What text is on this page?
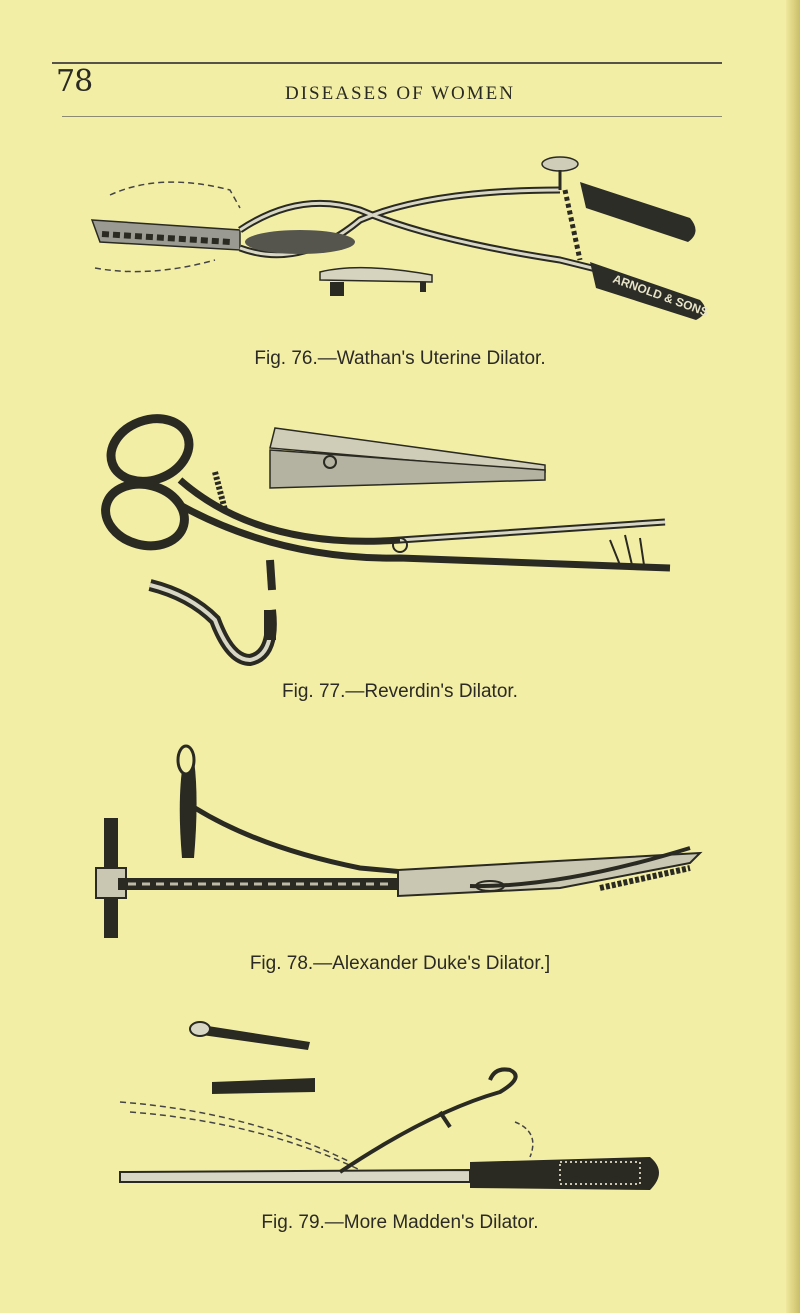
78	DISEASES OF WOMEN
ARNOLD & SONS
Fig. 76.—Wathan's Uterine Dilator.
Fig. 77.—Reverdin's Dilator.
Fig. 78.—Alexander Duke's Dilator.]
Fig. 79.—More Madden's Dilator.
